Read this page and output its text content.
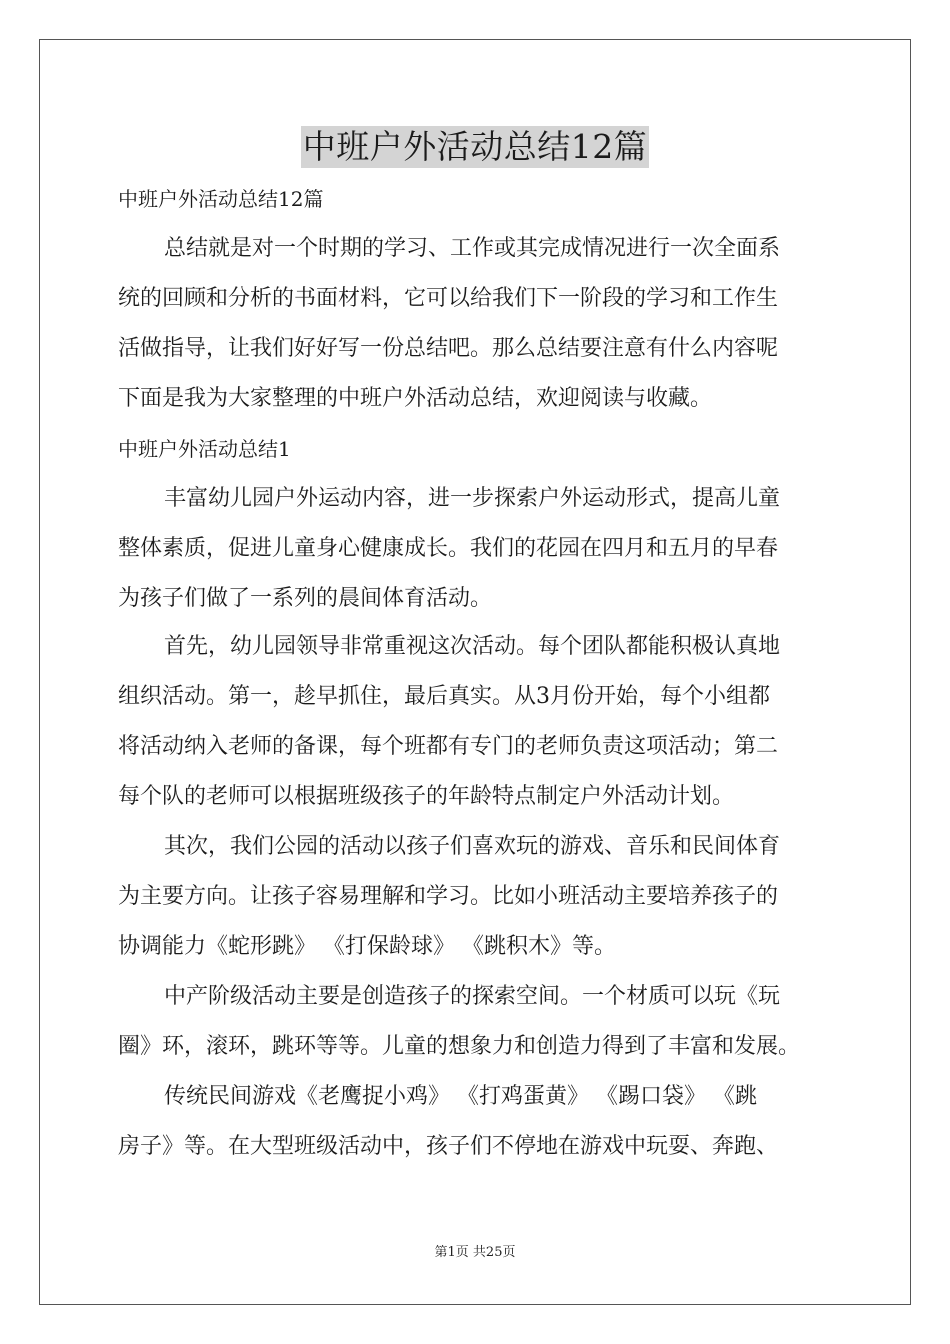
中班户外活动总结12篇
中班户外活动总结12篇
总结就是对一个时期的学习、工作或其完成情况进行一次全面系
统的回顾和分析的书面材料，它可以给我们下一阶段的学习和工作生
活做指导，让我们好好写一份总结吧。那么总结要注意有什么内容呢
下面是我为大家整理的中班户外活动总结，欢迎阅读与收藏。
中班户外活动总结1
丰富幼儿园户外运动内容，进一步探索户外运动形式，提高儿童
整体素质，促进儿童身心健康成长。我们的花园在四月和五月的早春
为孩子们做了一系列的晨间体育活动。
首先，幼儿园领导非常重视这次活动。每个团队都能积极认真地
组织活动。第一，趁早抓住，最后真实。从3月份开始，每个小组都
将活动纳入老师的备课，每个班都有专门的老师负责这项活动；第二
每个队的老师可以根据班级孩子的年龄特点制定户外活动计划。
其次，我们公园的活动以孩子们喜欢玩的游戏、音乐和民间体育
为主要方向。让孩子容易理解和学习。比如小班活动主要培养孩子的
协调能力《蛇形跳》 《打保龄球》 《跳积木》等。
中产阶级活动主要是创造孩子的探索空间。一个材质可以玩《玩
圈》环，滚环，跳环等等。儿童的想象力和创造力得到了丰富和发展。
传统民间游戏《老鹰捉小鸡》 《打鸡蛋黄》 《踢口袋》 《跳
房子》等。在大型班级活动中，孩子们不停地在游戏中玩耍、奔跑、
第1页 共25页
